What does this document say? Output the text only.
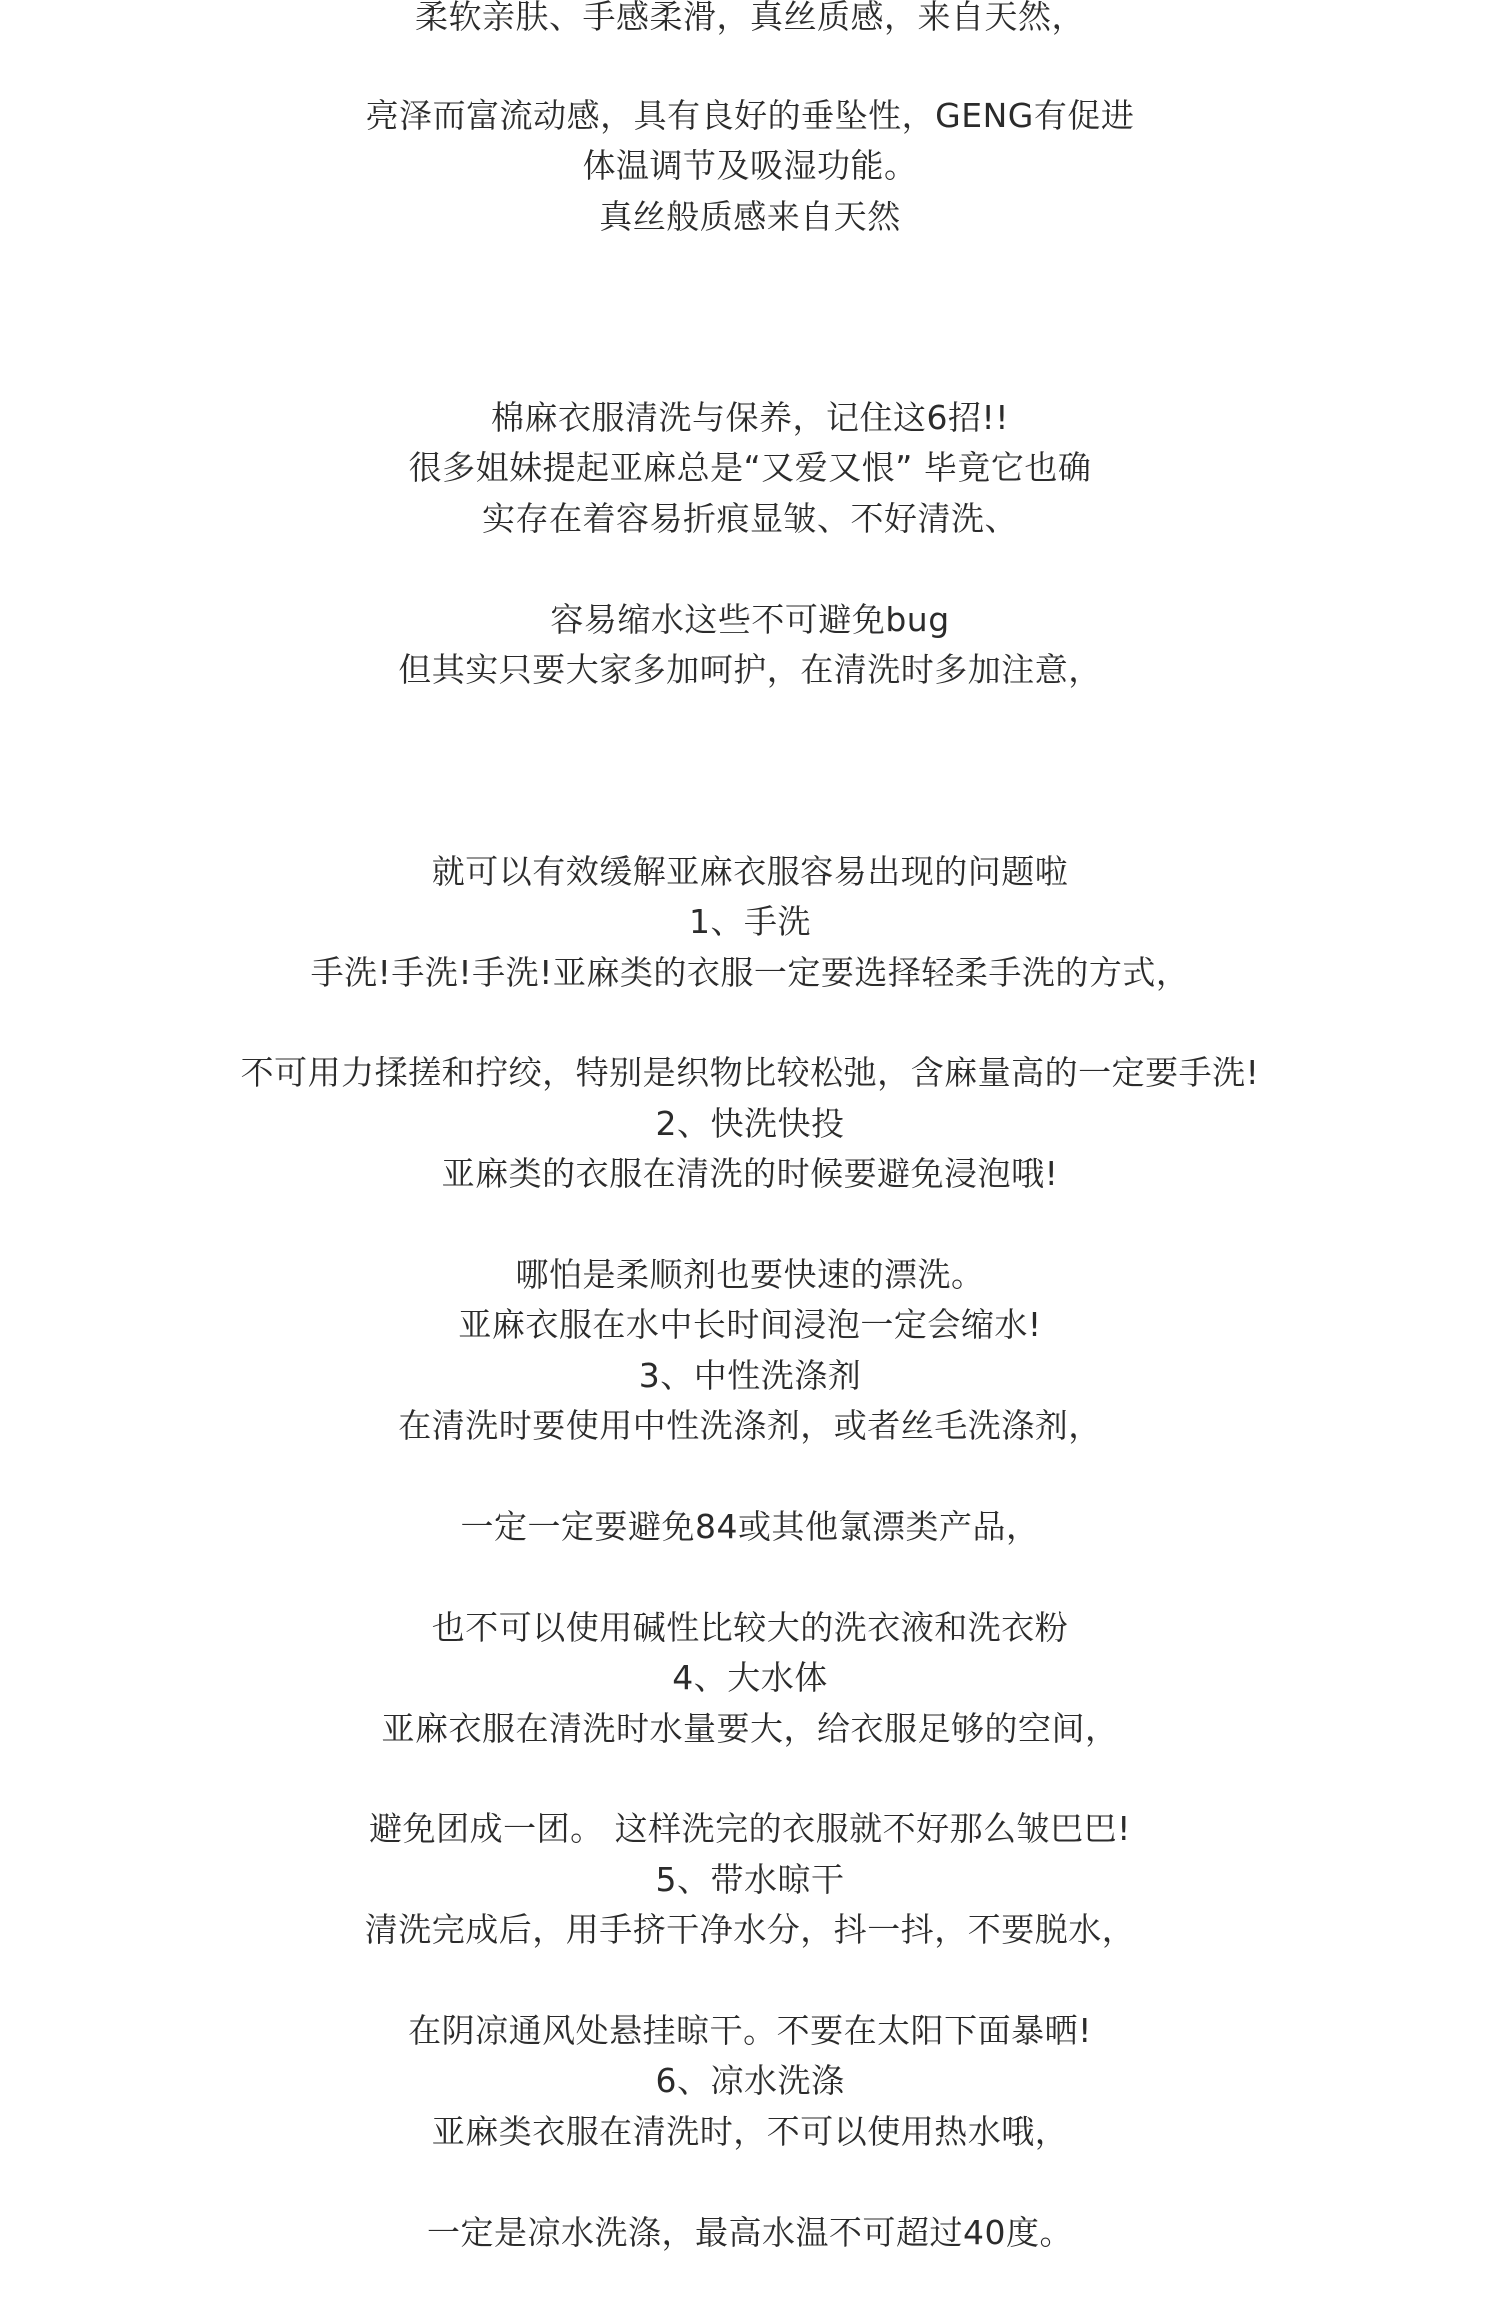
柔软亲肤、手感柔滑，真丝质感，来自天然，
亮泽而富流动感，具有良好的垂坠性，GENG有促进
体温调节及吸湿功能。
真丝般质感来自天然
棉麻衣服清洗与保养，记住这6招!!
很多姐妹提起亚麻总是“又爱又恨” 毕竟它也确
实存在着容易折痕显皱、不好清洗、
容易缩水这些不可避免bug
但其实只要大家多加呵护，在清洗时多加注意，
就可以有效缓解亚麻衣服容易出现的问题啦
1、手洗
手洗!手洗!手洗!亚麻类的衣服一定要选择轻柔手洗的方式，
不可用力揉搓和拧绞，特别是织物比较松弛，含麻量高的一定要手洗!
2、快洗快投
亚麻类的衣服在清洗的时候要避免浸泡哦!
哪怕是柔顺剂也要快速的漂洗。
亚麻衣服在水中长时间浸泡一定会缩水!
3、中性洗涤剂
在清洗时要使用中性洗涤剂，或者丝毛洗涤剂，
一定一定要避免84或其他氯漂类产品，
也不可以使用碱性比较大的洗衣液和洗衣粉
4、大水体
亚麻衣服在清洗时水量要大，给衣服足够的空间，
避免团成一团。 这样洗完的衣服就不好那么皱巴巴!
5、带水晾干
清洗完成后，用手挤干净水分，抖一抖，不要脱水，
在阴凉通风处悬挂晾干。不要在太阳下面暴晒!
6、凉水洗涤
亚麻类衣服在清洗时，不可以使用热水哦，
一定是凉水洗涤，最高水温不可超过40度。
